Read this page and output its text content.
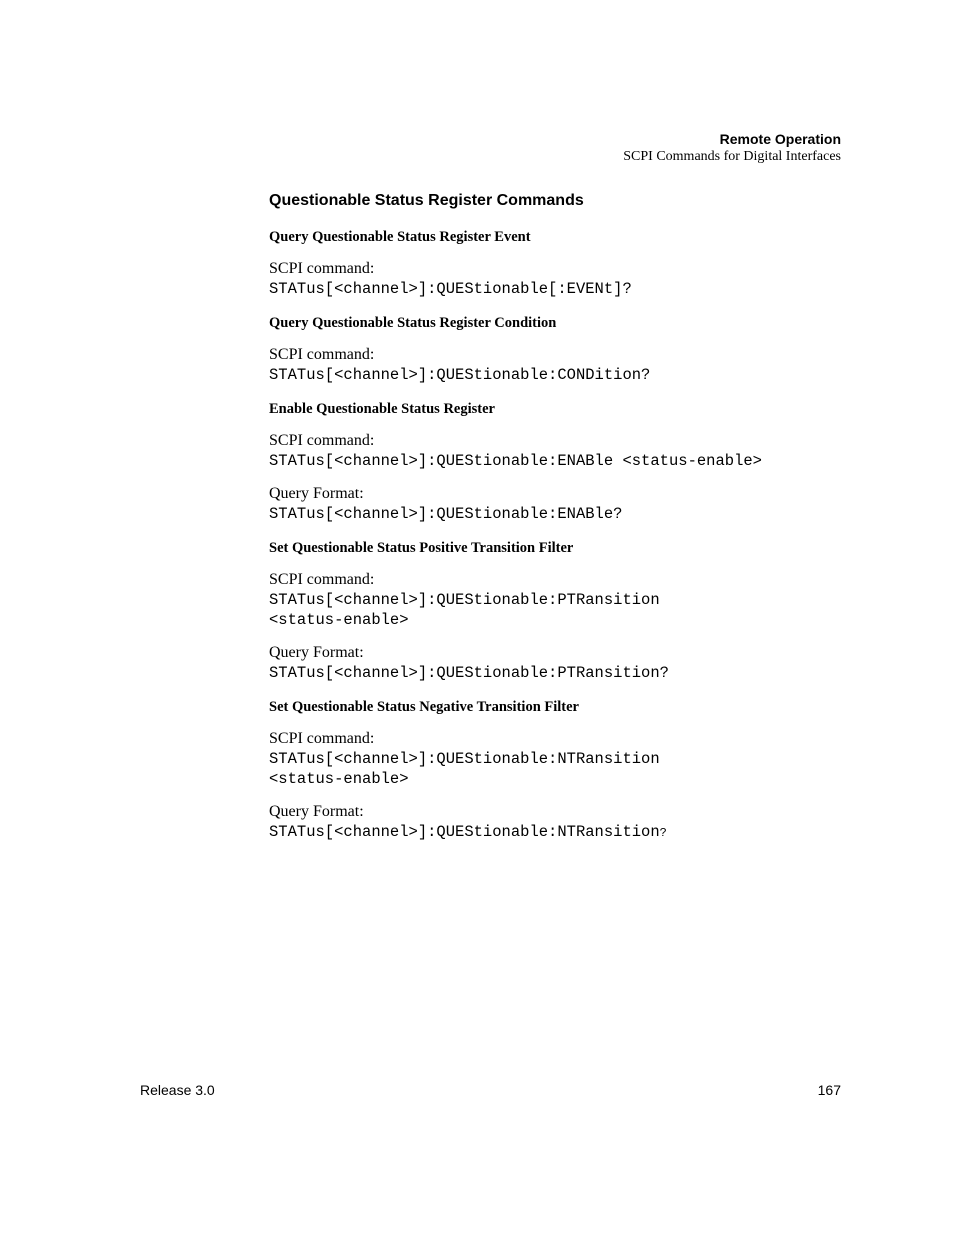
Remote Operation
SCPI Commands for Digital Interfaces
Questionable Status Register Commands
Query Questionable Status Register Event
SCPI command:
STATus[<channel>]:QUEStionable[:EVENt]?
Query Questionable Status Register Condition
SCPI command:
STATus[<channel>]:QUEStionable:CONDition?
Enable Questionable Status Register
SCPI command:
STATus[<channel>]:QUEStionable:ENABle <status-enable>
Query Format:
STATus[<channel>]:QUEStionable:ENABle?
Set Questionable Status Positive Transition Filter
SCPI command:
STATus[<channel>]:QUEStionable:PTRansition
<status-enable>
Query Format:
STATus[<channel>]:QUEStionable:PTRansition?
Set Questionable Status Negative Transition Filter
SCPI command:
STATus[<channel>]:QUEStionable:NTRansition
<status-enable>
Query Format:
STATus[<channel>]:QUEStionable:NTRansition?
Release 3.0	167
